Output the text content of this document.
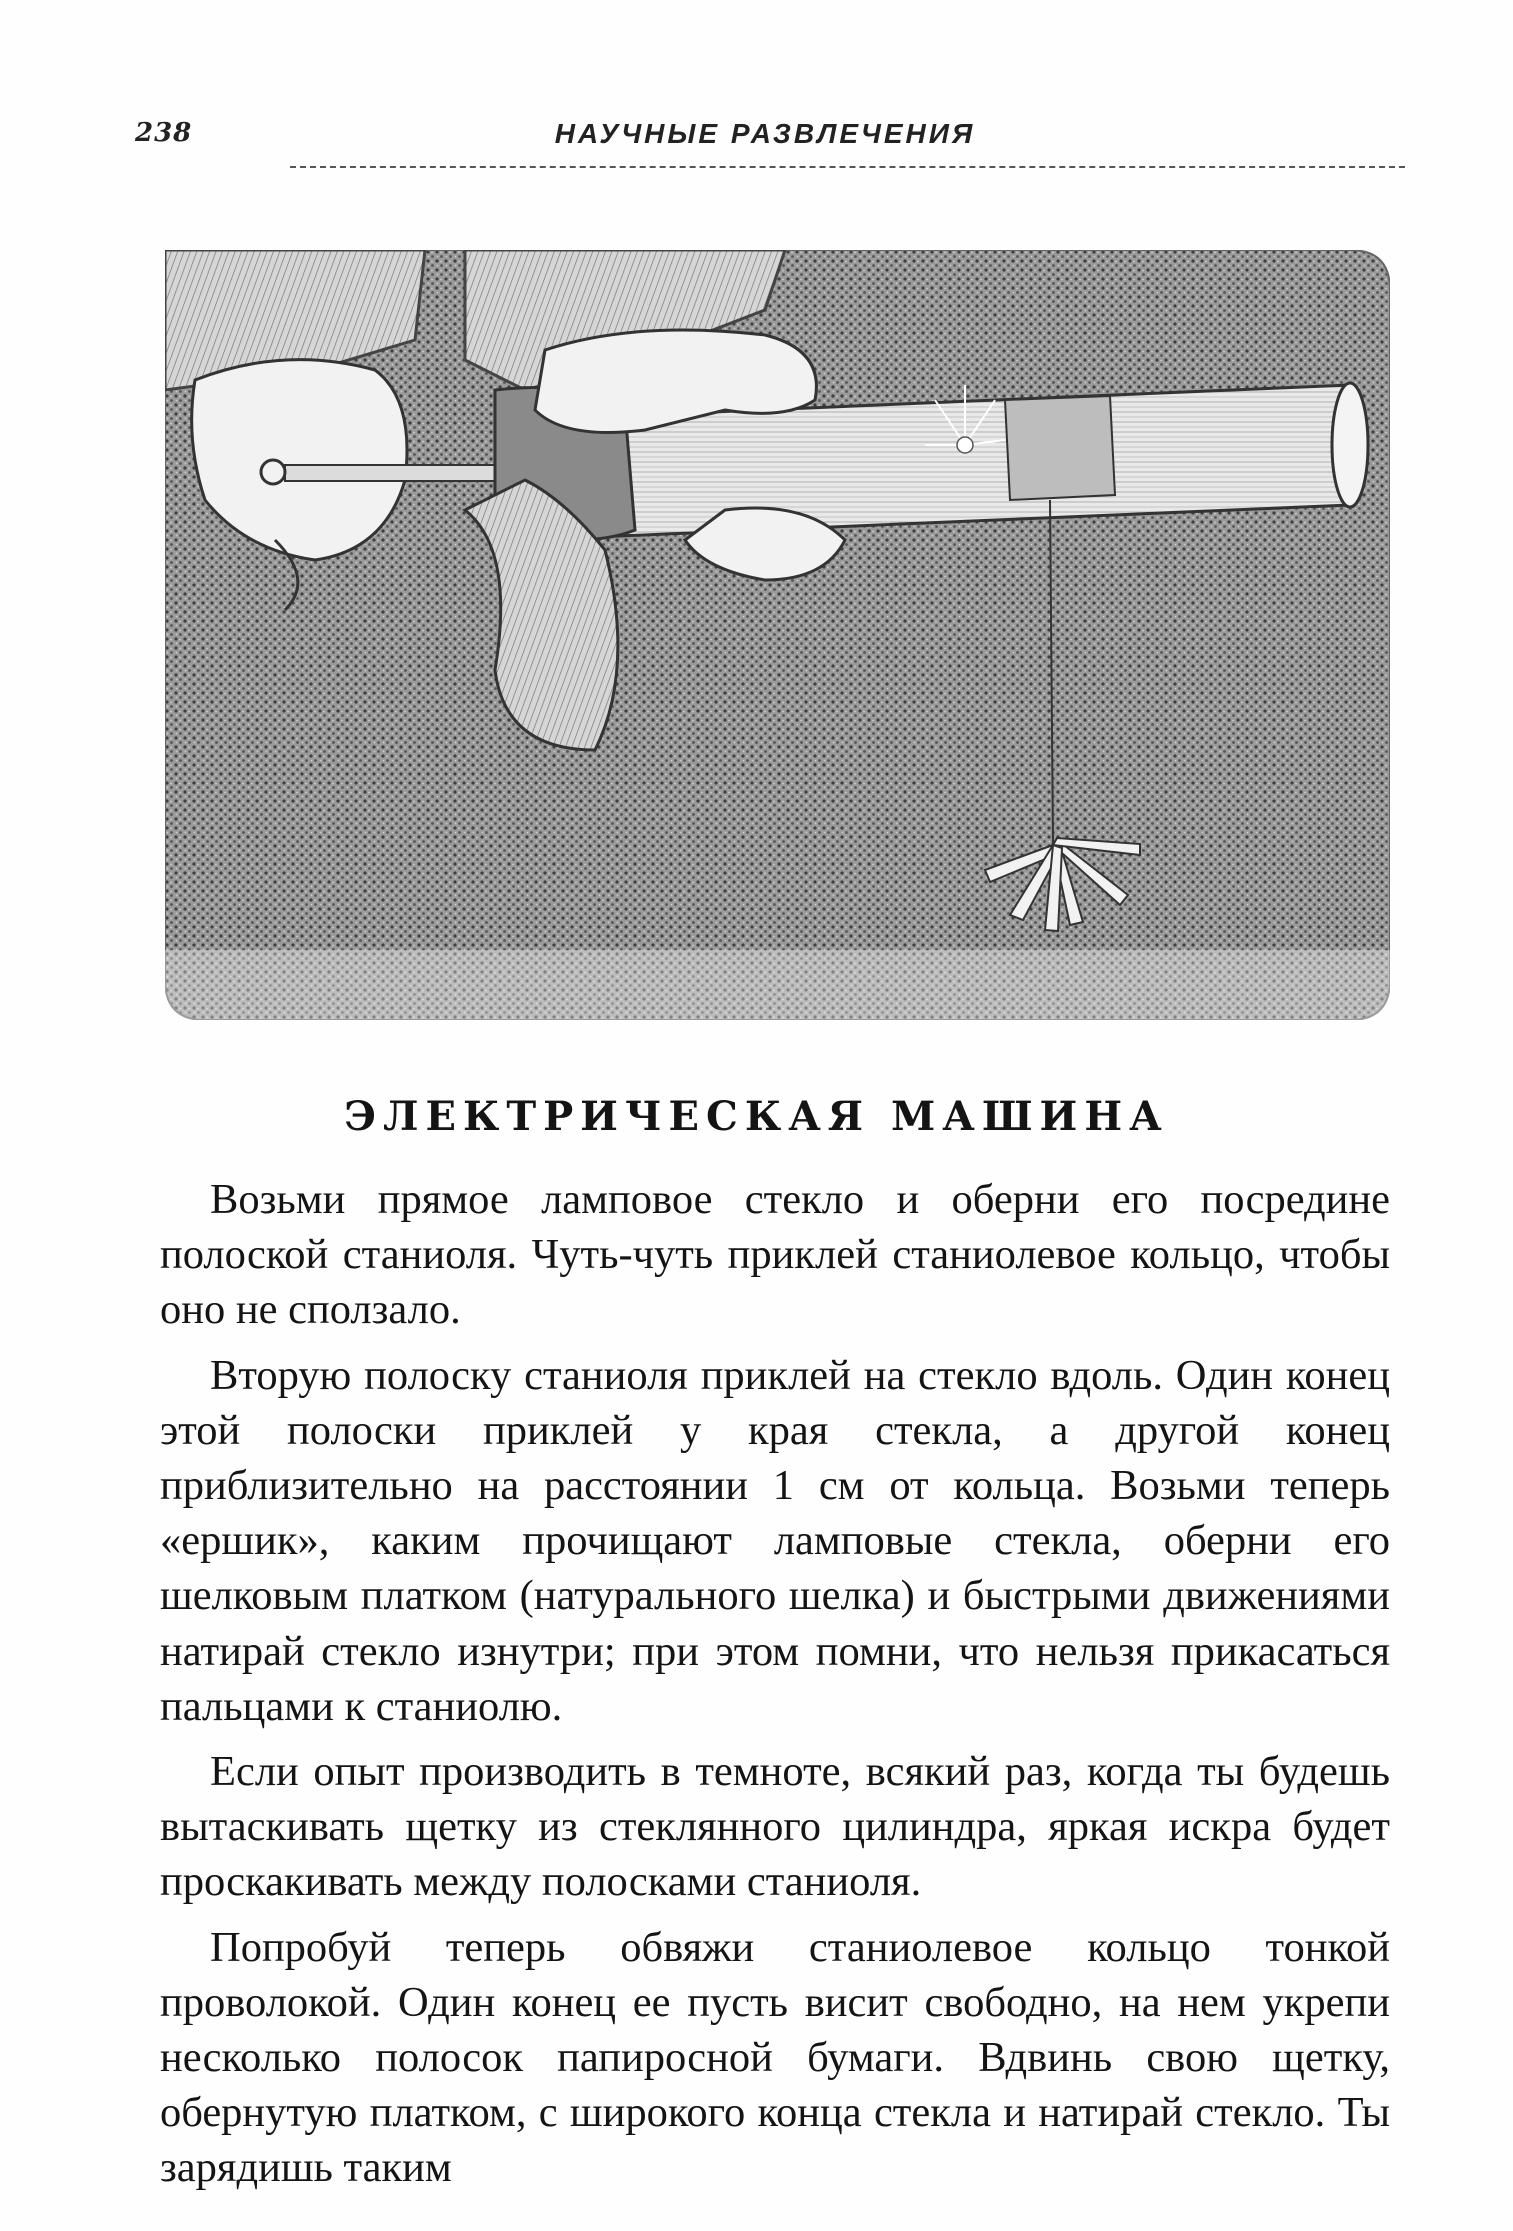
238	НАУЧНЫЕ РАЗВЛЕЧЕНИЯ
ЭЛЕКТРИЧЕСКАЯ МАШИНА

Возьми прямое ламповое стекло и оберни его посредине полоской станиоля. Чуть-чуть приклей станиолевое кольцо, чтобы оно не сползало.

Вторую полоску станиоля приклей на стекло вдоль. Один конец этой полоски приклей у края стекла, а другой конец приблизительно на расстоянии 1 см от кольца. Возьми теперь «ершик», каким прочищают ламповые стекла, оберни его шелковым платком (натурального шелка) и быстрыми движениями натирай стекло изнутри; при этом помни, что нельзя прикасаться пальцами к станиолю.

Если опыт производить в темноте, всякий раз, когда ты будешь вытаскивать щетку из стеклянного цилиндра, яркая искра будет проскакивать между полосками станиоля.

Попробуй теперь обвяжи станиолевое кольцо тонкой проволокой. Один конец ее пусть висит свободно, на нем укрепи несколько полосок папиросной бумаги. Вдвинь свою щетку, обернутую платком, с широкого конца стекла и натирай стекло. Ты зарядишь таким
